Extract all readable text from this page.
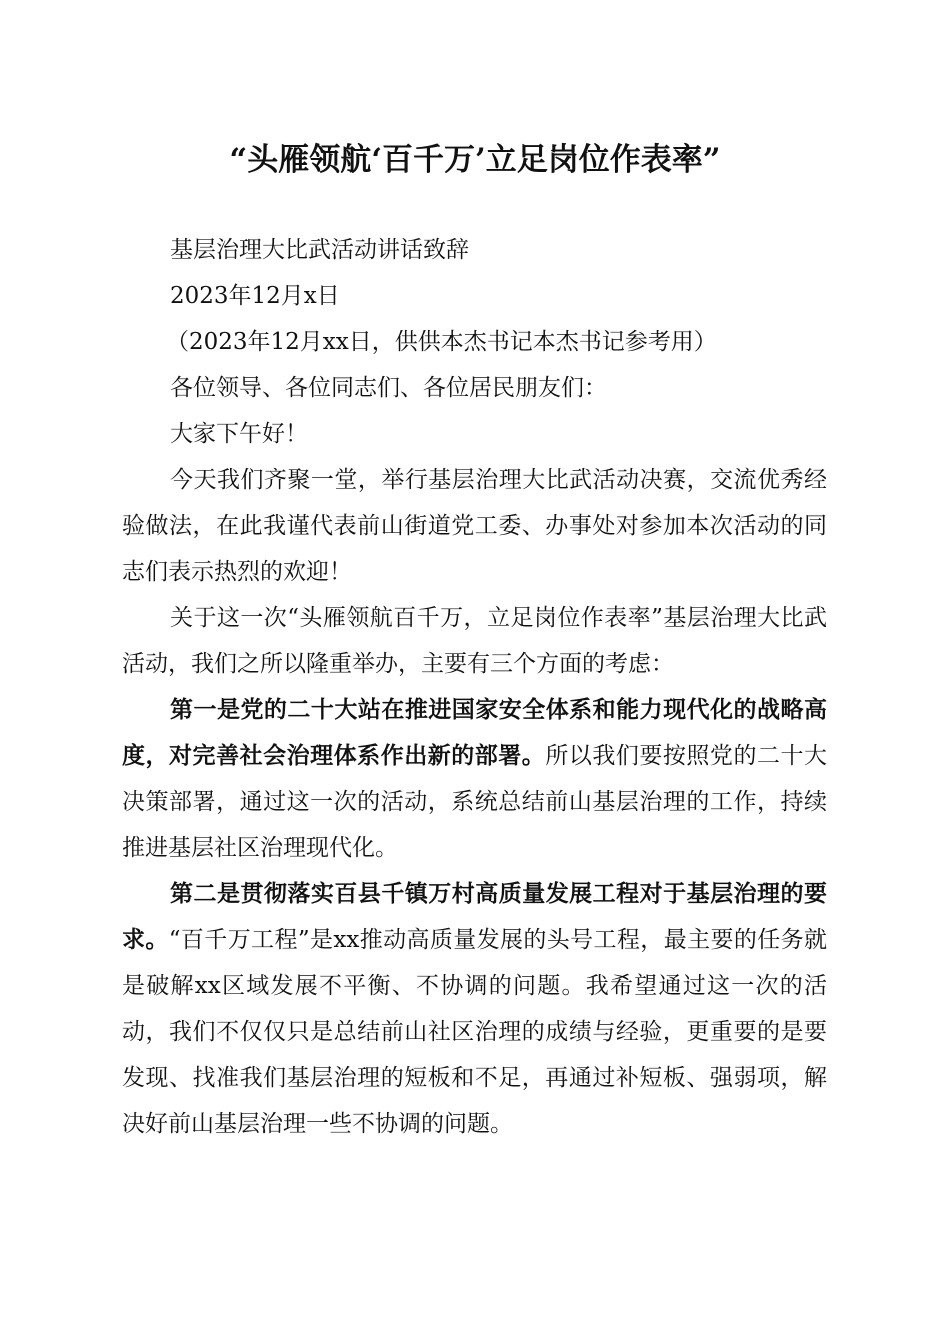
“头雁领航‘百千万’立足岗位作表率”
基层治理大比武活动讲话致辞
2023年12月x日
（2023年12月xx日，供供本杰书记本杰书记参考用）
各位领导、各位同志们、各位居民朋友们：
大家下午好！

今天我们齐聚一堂，举行基层治理大比武活动决赛，交流优秀经验做法，在此我谨代表前山街道党工委、办事处对参加本次活动的同志们表示热烈的欢迎！

关于这一次“头雁领航百千万，立足岗位作表率”基层治理大比武活动，我们之所以隆重举办，主要有三个方面的考虑：

第一是党的二十大站在推进国家安全体系和能力现代化的战略高度，对完善社会治理体系作出新的部署。所以我们要按照党的二十大决策部署，通过这一次的活动，系统总结前山基层治理的工作，持续推进基层社区治理现代化。

第二是贯彻落实百县千镇万村高质量发展工程对于基层治理的要求。“百千万工程”是xx推动高质量发展的头号工程，最主要的任务就是破解xx区域发展不平衡、不协调的问题。我希望通过这一次的活动，我们不仅仅只是总结前山社区治理的成绩与经验，更重要的是要发现、找准我们基层治理的短板和不足，再通过补短板、强弱项，解决好前山基层治理一些不协调的问题。
